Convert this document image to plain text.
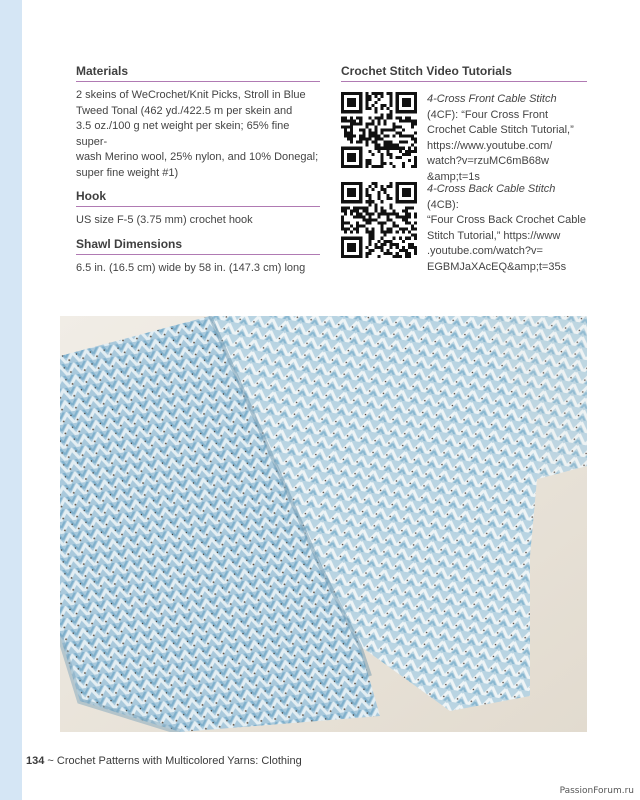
Materials
2 skeins of WeCrochet/Knit Picks, Stroll in Blue
Tweed Tonal (462 yd./422.5 m per skein and
3.5 oz./100 g net weight per skein; 65% fine super-
wash Merino wool, 25% nylon, and 10% Donegal;
super fine weight #1)
Hook
US size F-5 (3.75 mm) crochet hook
Shawl Dimensions
6.5 in. (16.5 cm) wide by 58 in. (147.3 cm) long
Crochet Stitch Video Tutorials
4-Cross Front Cable Stitch
(4CF): “Four Cross Front
Crochet Cable Stitch Tutorial,”
https://www.youtube.com/
watch?v=rzuMC6mB68w
&amp;t=1s
4-Cross Back Cable Stitch (4CB):
“Four Cross Back Crochet Cable
Stitch Tutorial,” https://www
.youtube.com/watch?v=
EGBMJaXAcEQ&amp;t=35s
134 ~ Crochet Patterns with Multicolored Yarns: Clothing
PassionForum.ru
